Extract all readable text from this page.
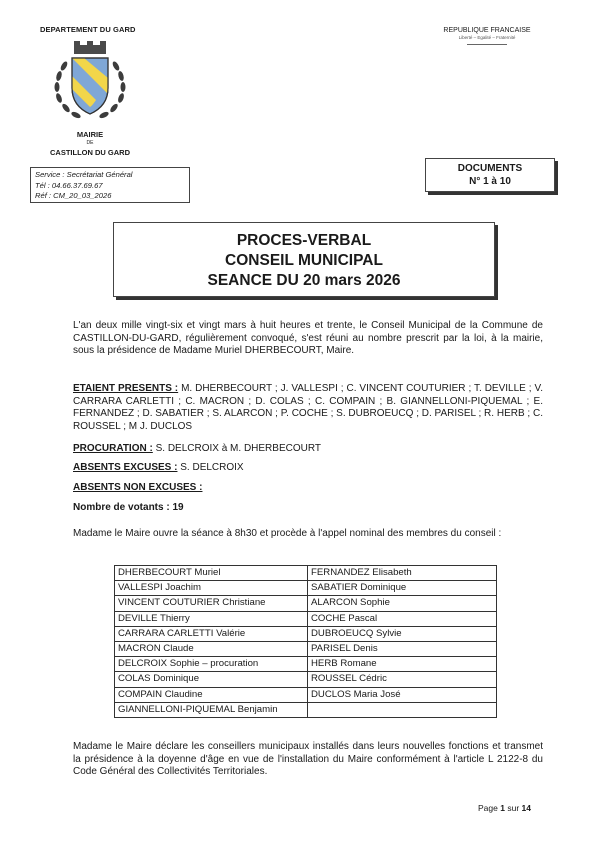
DEPARTEMENT DU GARD	REPUBLIQUE FRANCAISE
Liberté – Egalité – Fraternité
MAIRIE
DE
CASTILLON DU GARD
Service : Secrétariat Général
Tél : 04.66.37.69.67
Réf : CM_20_03_2026
DOCUMENTS
N° 1 à 10
PROCES-VERBAL
CONSEIL MUNICIPAL
SEANCE DU 20 mars 2026
L'an deux mille vingt-six et vingt mars à huit heures et trente, le Conseil Municipal de la Commune de CASTILLON-DU-GARD, régulièrement convoqué, s'est réuni au nombre prescrit par la loi, à la mairie, sous la présidence de Madame Muriel DHERBECOURT, Maire.
ETAIENT PRESENTS : M. DHERBECOURT ; J. VALLESPI ; C. VINCENT COUTURIER ; T. DEVILLE ; V. CARRARA CARLETTI ; C. MACRON ; D. COLAS ; C. COMPAIN ; B. GIANNELLONI-PIQUEMAL ; E. FERNANDEZ ; D. SABATIER ; S. ALARCON ; P. COCHE ; S. DUBROEUCQ ; D. PARISEL ; R. HERB ; C. ROUSSEL ; M J. DUCLOS
PROCURATION : S. DELCROIX à M. DHERBECOURT
ABSENTS EXCUSES : S. DELCROIX
ABSENTS NON EXCUSES :
Nombre de votants : 19
Madame le Maire ouvre la séance à 8h30 et procède à l'appel nominal des membres du conseil :
DHERBECOURT Muriel	FERNANDEZ Elisabeth
VALLESPI Joachim	SABATIER Dominique
VINCENT COUTURIER Christiane	ALARCON Sophie
DEVILLE Thierry	COCHE Pascal
CARRARA CARLETTI Valérie	DUBROEUCQ Sylvie
MACRON Claude	PARISEL Denis
DELCROIX Sophie – procuration	HERB Romane
COLAS Dominique	ROUSSEL Cédric
COMPAIN Claudine	DUCLOS Maria José
GIANNELLONI-PIQUEMAL Benjamin	
Madame le Maire déclare les conseillers municipaux installés dans leurs nouvelles fonctions et transmet la présidence à la doyenne d'âge en vue de l'installation du Maire conformément à l'article L 2122-8 du Code Général des Collectivités Territoriales.
Page 1 sur 14
